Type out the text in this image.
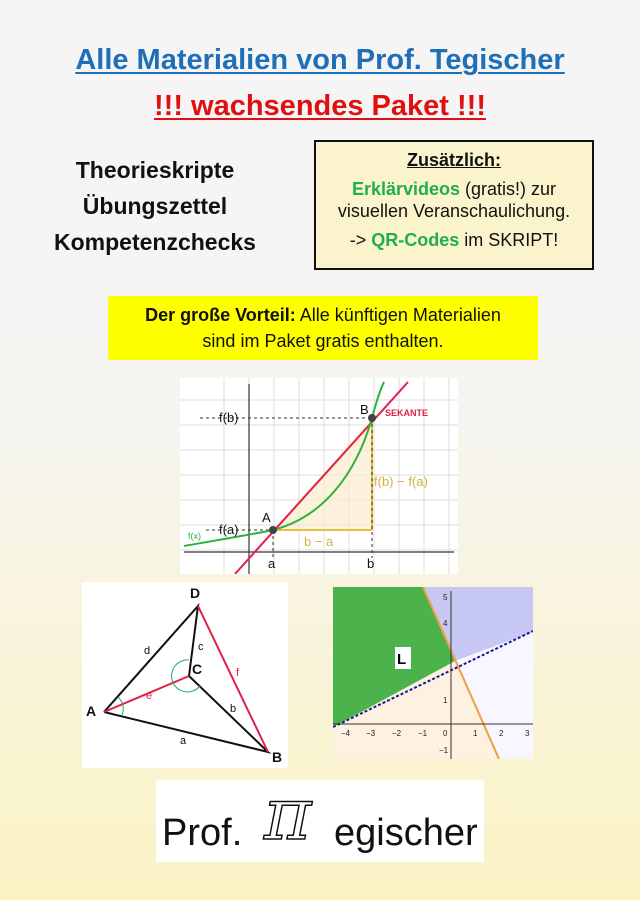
Alle Materialien von Prof. Tegischer
!!! wachsendes Paket !!!
Theorieskripte
Übungszettel
Kompetenzchecks
Zusätzlich:

Erklärvideos (gratis!) zur
visuellen Veranschaulichung.

-> QR-Codes im SKRIPT!

Der große Vorteil: Alle künftigen Materialien
sind im Paket gratis enthalten.
f(b)
f(a)
A
B
a	b
SEKANTE
f(x)	b − a
f(b) − f(a)
D
C
A
B
d	c
b
a
e
f
L
−4 −3 −2 −1 0	1	2	3
5
4
1
−1
Prof. π egischer
